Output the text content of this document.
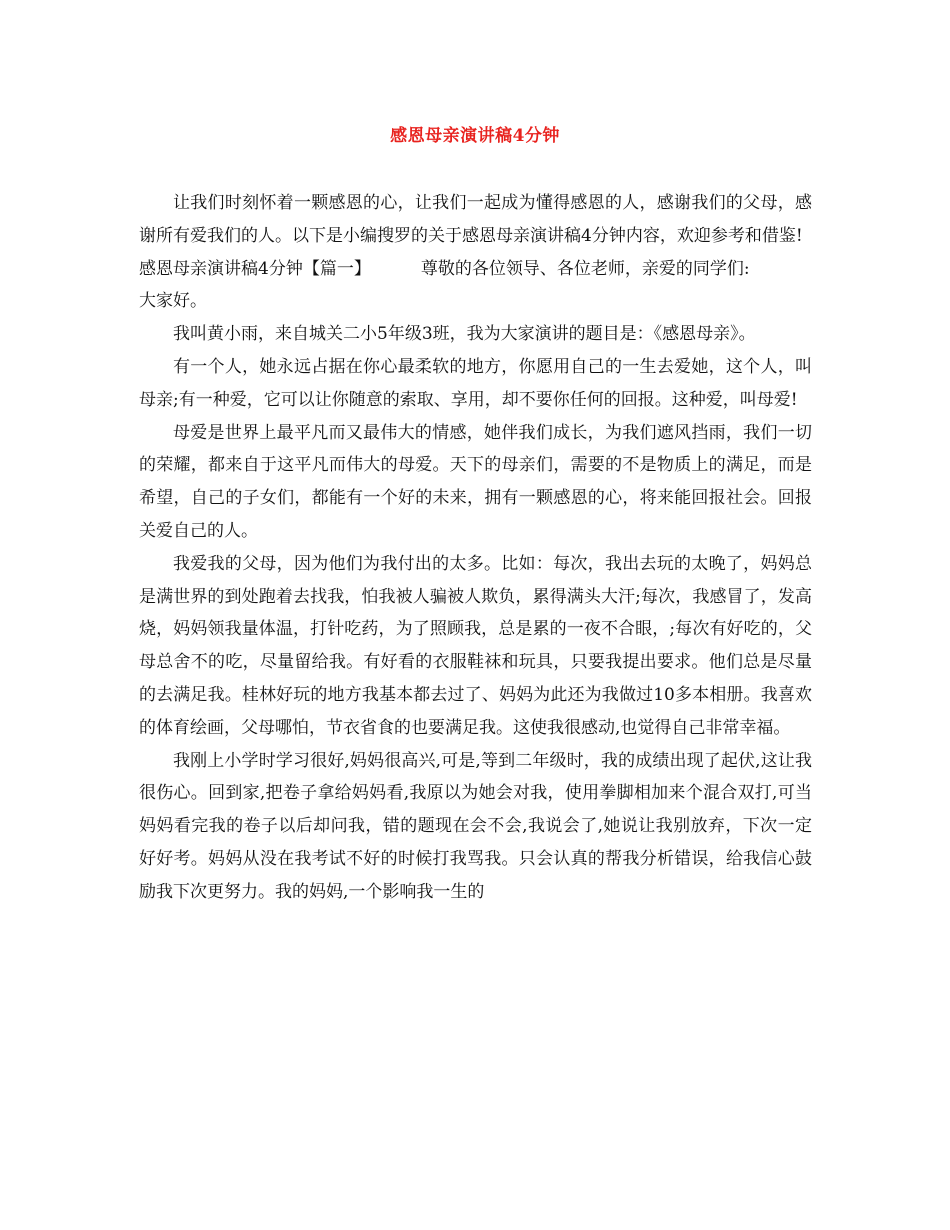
感恩母亲演讲稿4分钟

让我们时刻怀着一颗感恩的心，让我们一起成为懂得感恩的人，感谢我们的父母，感谢所有爱我们的人。以下是小编搜罗的关于感恩母亲演讲稿4分钟内容，欢迎参考和借鉴!

感恩母亲演讲稿4分钟【篇一】	尊敬的各位领导、各位老师，亲爱的同学们:

大家好。

我叫黄小雨，来自城关二小5年级3班，我为大家演讲的题目是：《感恩母亲》。

有一个人，她永远占据在你心最柔软的地方，你愿用自己的一生去爱她，这个人，叫母亲;有一种爱，它可以让你随意的索取、享用，却不要你任何的回报。这种爱，叫母爱!

母爱是世界上最平凡而又最伟大的情感，她伴我们成长，为我们遮风挡雨，我们一切的荣耀，都来自于这平凡而伟大的母爱。天下的母亲们，需要的不是物质上的满足，而是希望，自己的子女们，都能有一个好的未来，拥有一颗感恩的心，将来能回报社会。回报关爱自己的人。

我爱我的父母，因为他们为我付出的太多。比如：每次，我出去玩的太晚了，妈妈总是满世界的到处跑着去找我，怕我被人骗被人欺负，累得满头大汗;每次，我感冒了，发高烧，妈妈领我量体温，打针吃药，为了照顾我，总是累的一夜不合眼，;每次有好吃的，父母总舍不的吃，尽量留给我。有好看的衣服鞋袜和玩具，只要我提出要求。他们总是尽量的去满足我。桂林好玩的地方我基本都去过了、妈妈为此还为我做过10多本相册。我喜欢的体育绘画，父母哪怕，节衣省食的也要满足我。这使我很感动,也觉得自己非常幸福。

我刚上小学时学习很好,妈妈很高兴,可是,等到二年级时，我的成绩出现了起伏,这让我很伤心。回到家,把卷子拿给妈妈看,我原以为她会对我，使用拳脚相加来个混合双打,可当妈妈看完我的卷子以后却问我，错的题现在会不会,我说会了,她说让我别放弃，下次一定好好考。妈妈从没在我考试不好的时候打我骂我。只会认真的帮我分析错误，给我信心鼓励我下次更努力。我的妈妈,一个影响我一生的
